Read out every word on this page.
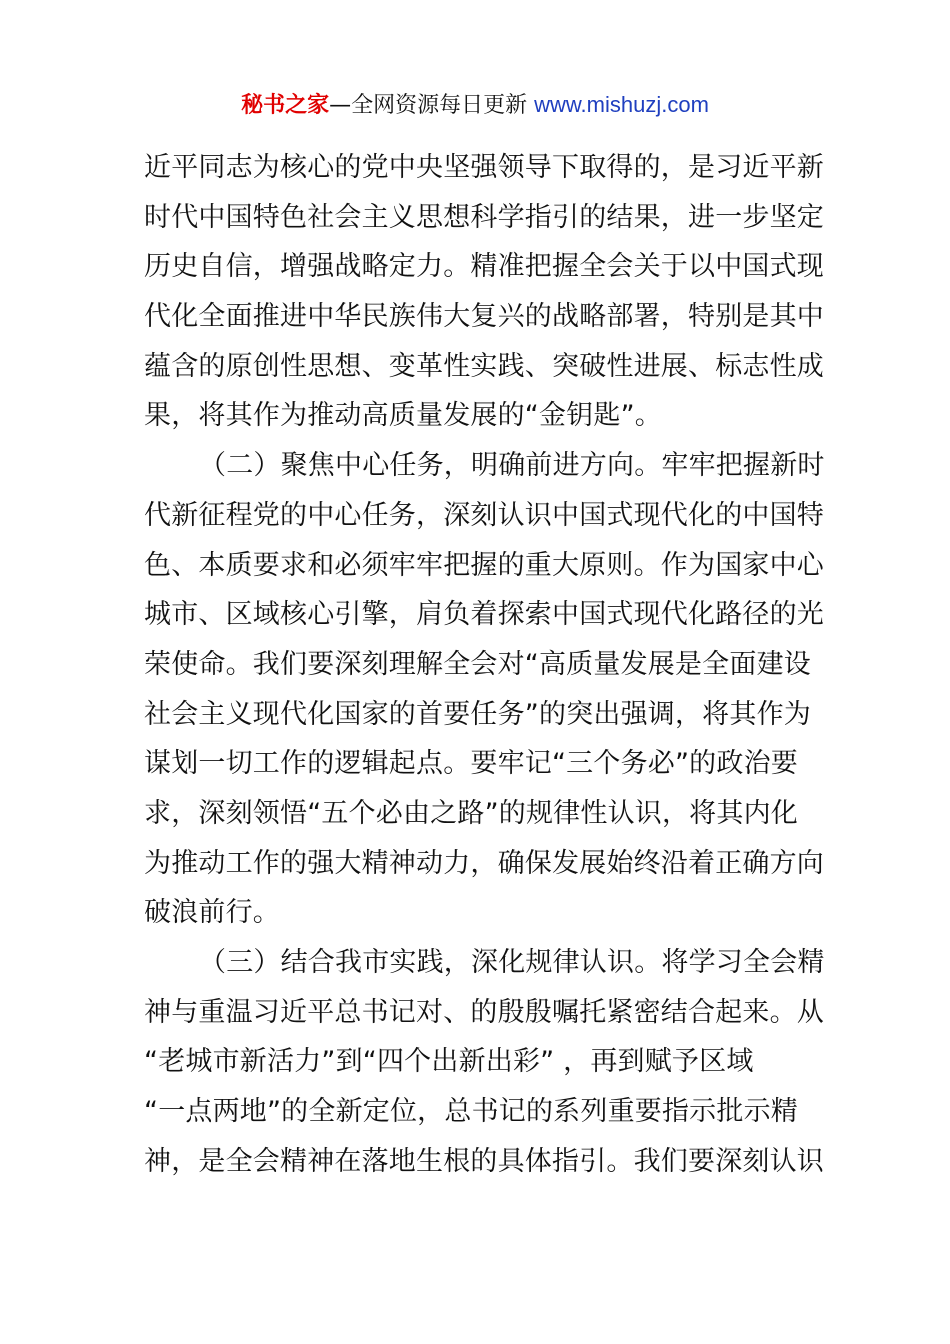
秘书之家—全网资源每日更新 www.mishuzj.com
近平同志为核心的党中央坚强领导下取得的，是习近平新
时代中国特色社会主义思想科学指引的结果，进一步坚定
历史自信，增强战略定力。精准把握全会关于以中国式现
代化全面推进中华民族伟大复兴的战略部署，特别是其中
蕴含的原创性思想、变革性实践、突破性进展、标志性成
果，将其作为推动高质量发展的“金钥匙”。
（二）聚焦中心任务，明确前进方向。牢牢把握新时
代新征程党的中心任务，深刻认识中国式现代化的中国特
色、本质要求和必须牢牢把握的重大原则。作为国家中心
城市、区域核心引擎，肩负着探索中国式现代化路径的光
荣使命。我们要深刻理解全会对“高质量发展是全面建设
社会主义现代化国家的首要任务”的突出强调，将其作为
谋划一切工作的逻辑起点。要牢记“三个务必”的政治要
求，深刻领悟“五个必由之路”的规律性认识，将其内化
为推动工作的强大精神动力，确保发展始终沿着正确方向
破浪前行。
（三）结合我市实践，深化规律认识。将学习全会精
神与重温习近平总书记对、的殷殷嘱托紧密结合起来。从
“老城市新活力”到“四个出新出彩” ，再到赋予区域
“一点两地”的全新定位，总书记的系列重要指示批示精
神，是全会精神在落地生根的具体指引。我们要深刻认识
